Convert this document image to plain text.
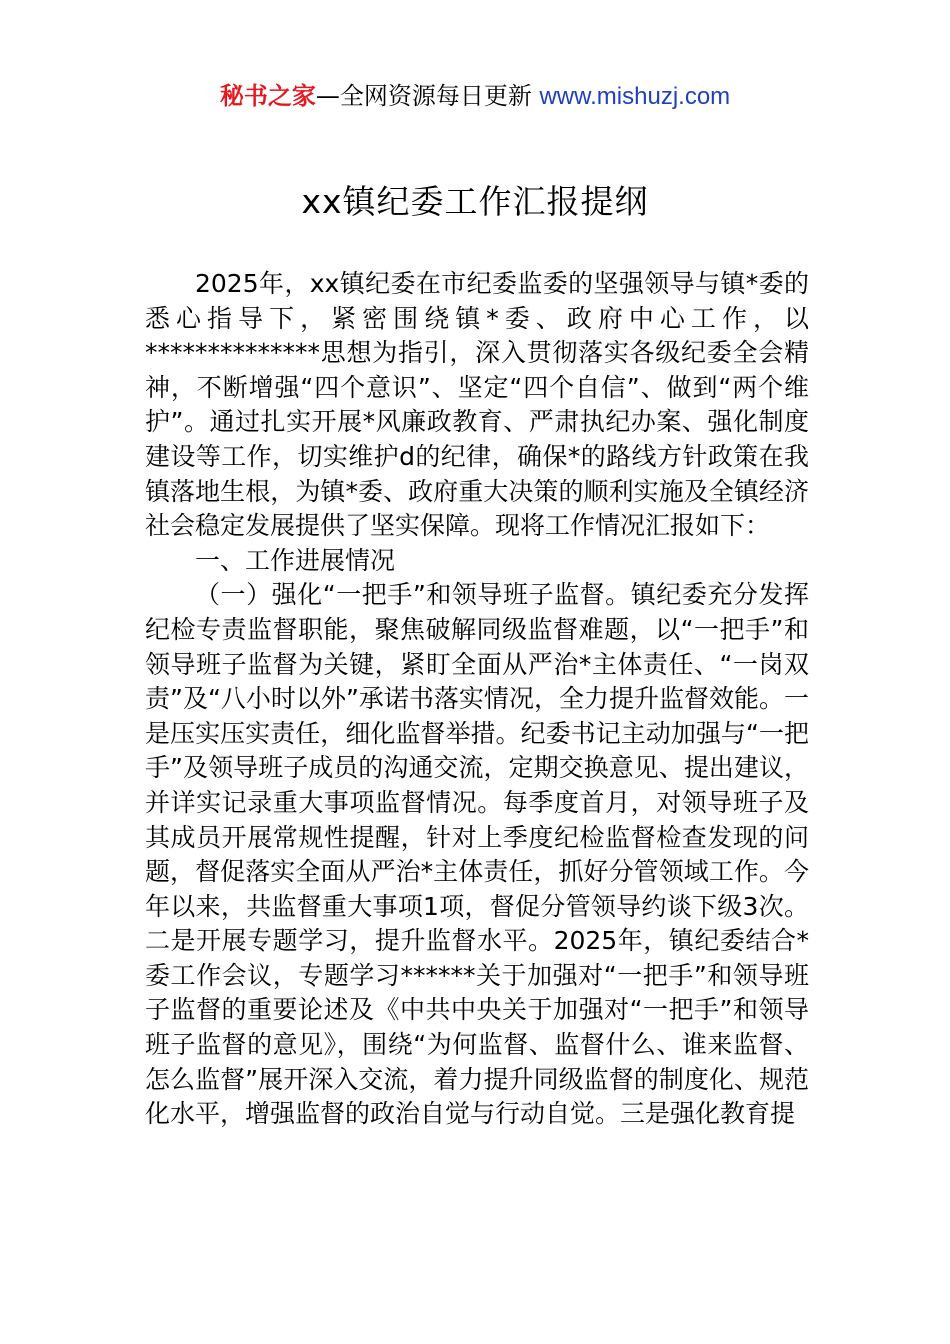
秘书之家—全网资源每日更新 www.mishuzj.com
xx镇纪委工作汇报提纲

2025年，xx镇纪委在市纪委监委的坚强领导与镇*委的悉心指导下，紧密围绕镇*委、政府中心工作，以**************思想为指引，深入贯彻落实各级纪委全会精神，不断增强“四个意识”、坚定“四个自信”、做到“两个维护”。通过扎实开展*风廉政教育、严肃执纪办案、强化制度建设等工作，切实维护d的纪律，确保*的路线方针政策在我镇落地生根，为镇*委、政府重大决策的顺利实施及全镇经济社会稳定发展提供了坚实保障。现将工作情况汇报如下：

一、工作进展情况

（一）强化“一把手”和领导班子监督。镇纪委充分发挥纪检专责监督职能，聚焦破解同级监督难题，以“一把手”和领导班子监督为关键，紧盯全面从严治*主体责任、“一岗双责”及“八小时以外”承诺书落实情况，全力提升监督效能。一是压实压实责任，细化监督举措。纪委书记主动加强与“一把手”及领导班子成员的沟通交流，定期交换意见、提出建议，并详实记录重大事项监督情况。每季度首月，对领导班子及其成员开展常规性提醒，针对上季度纪检监督检查发现的问题，督促落实全面从严治*主体责任，抓好分管领域工作。今年以来，共监督重大事项1项，督促分管领导约谈下级3次。二是开展专题学习，提升监督水平。2025年，镇纪委结合*委工作会议，专题学习******关于加强对“一把手”和领导班子监督的重要论述及《中共中央关于加强对“一把手”和领导班子监督的意见》，围绕“为何监督、监督什么、谁来监督、怎么监督”展开深入交流，着力提升同级监督的制度化、规范化水平，增强监督的政治自觉与行动自觉。三是强化教育提
